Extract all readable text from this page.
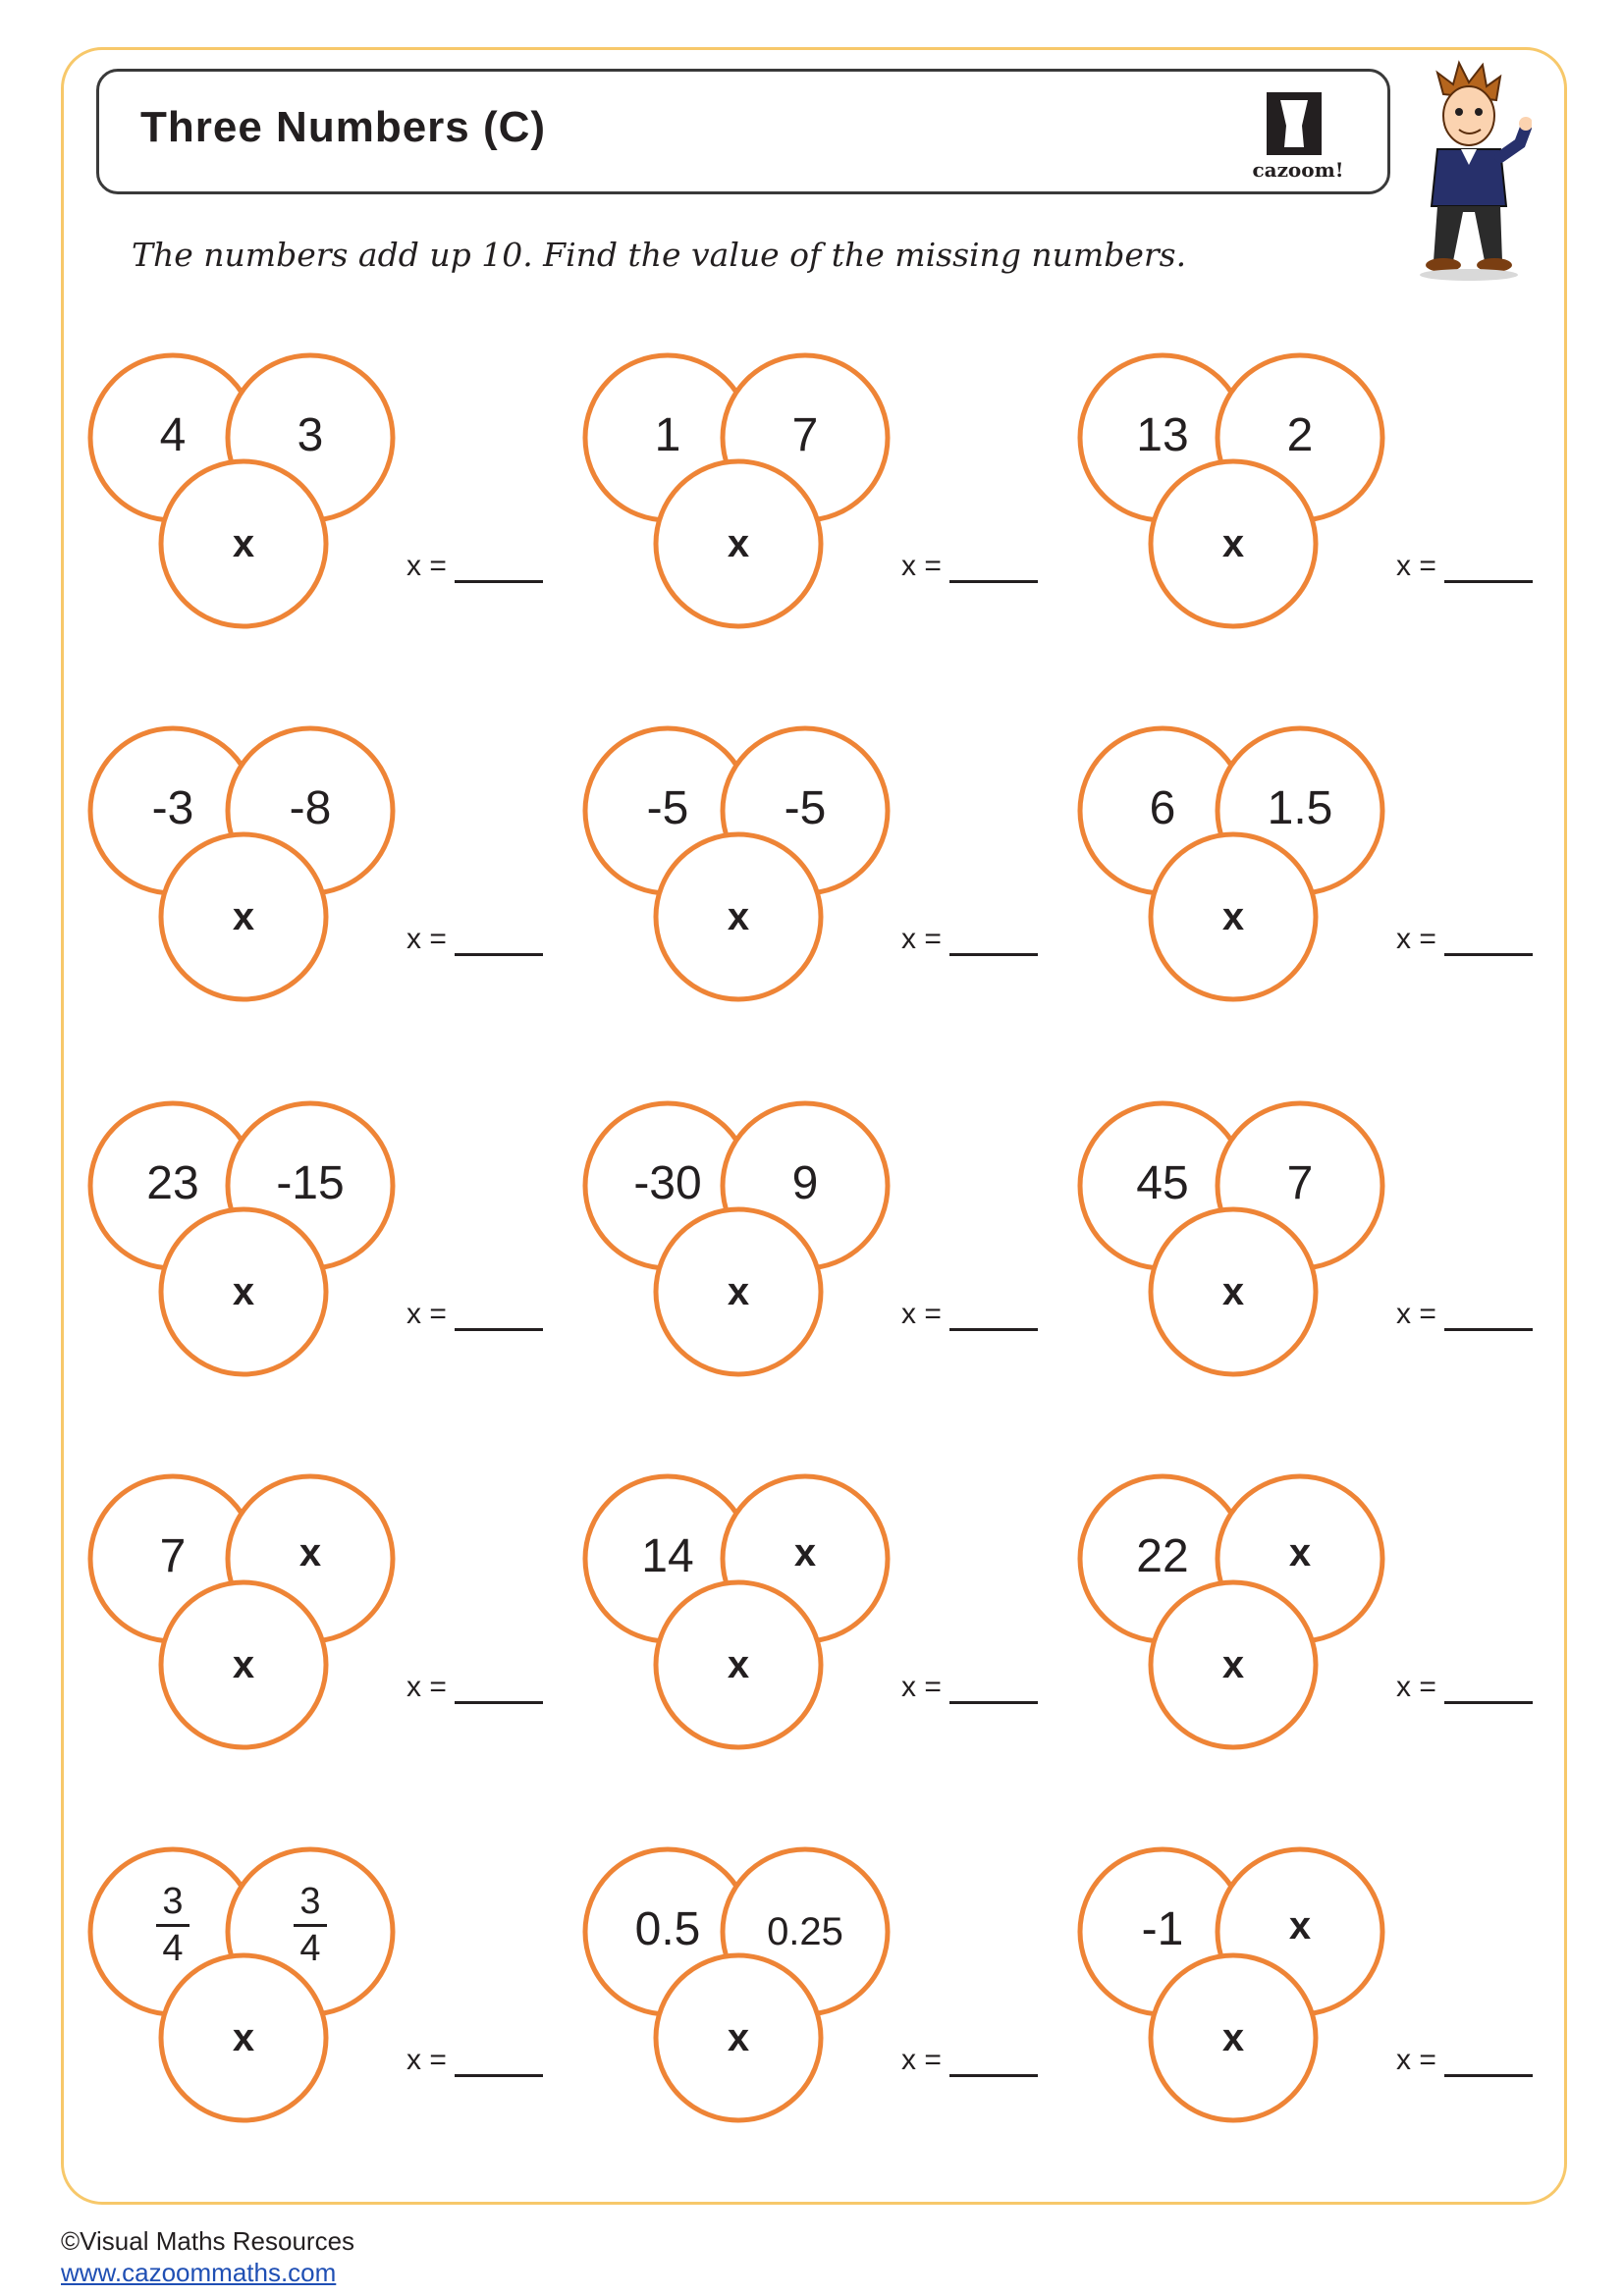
Three Numbers (C)
cazoom!
The numbers add up 10. Find the value of the missing numbers.
4	3
x
x =
1	7
x
x =
13	2
x
x =
-3	-8
x
x =
-5	-5
x
x =
6	1.5
x
x =
23	-15
x
x =
-30	9
x
x =
45	7
x
x =
7	x
x
x =
14	x
x
x =
22	x
x
x =
3
4
3
4
x
x =
0.5	0.25
x
x =
-1	x
x
x =
©Visual Maths Resources
www.cazoommaths.com
